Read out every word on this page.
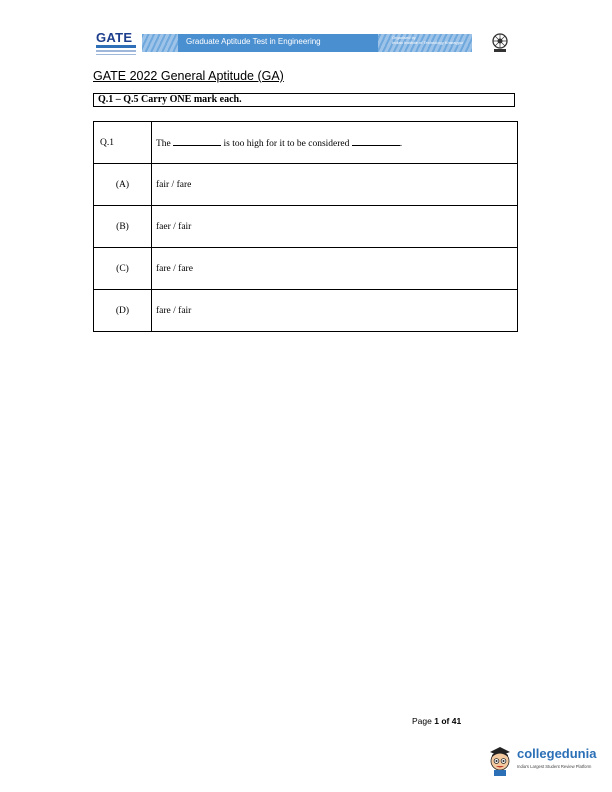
GATE	Graduate Aptitude Test in Engineering	Organised by
Indian Institute of Technology Kharagpur
GATE 2022 General Aptitude (GA)
Q.1 – Q.5 Carry ONE mark each.
Q.1	The is too high for it to be considered .
(A)	fair / fare
(B)	faer / fair
(C)	fare / fare
(D)	fare / fair
Page 1 of 41
collegedunia
India's Largest Student Review Platform
